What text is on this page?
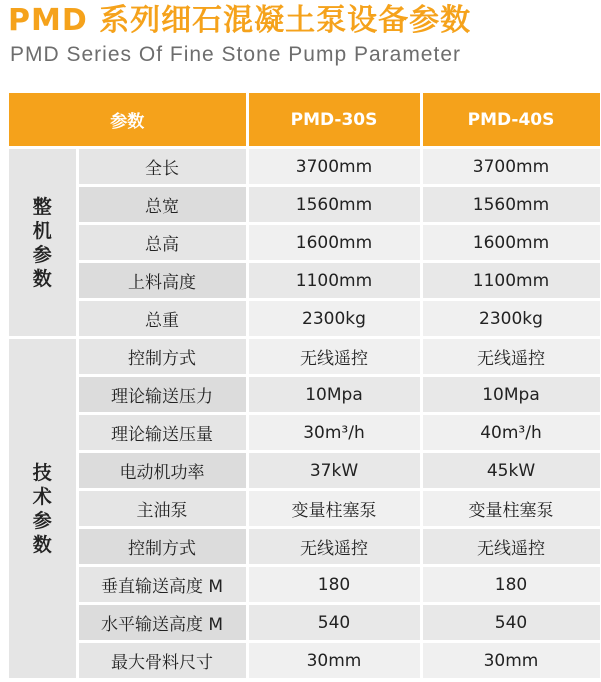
PMD 系列细石混凝土泵设备参数
PMD Series Of Fine Stone Pump Parameter
参数		PMD-30S	PMD-40S
整机参数	全长	3700mm	3700mm
	总宽	1560mm	1560mm
	总高	1600mm	1600mm
	上料高度	1100mm	1100mm
	总重	2300kg	2300kg
技术参数	控制方式	无线遥控	无线遥控
	理论输送压力	10Mpa	10Mpa
	理论输送压量	30m³/h	40m³/h
	电动机功率	37kW	45kW
	主油泵	变量柱塞泵	变量柱塞泵
	控制方式	无线遥控	无线遥控
	垂直输送高度 M	180	180
	水平输送高度 M	540	540
	最大骨料尺寸	30mm	30mm
